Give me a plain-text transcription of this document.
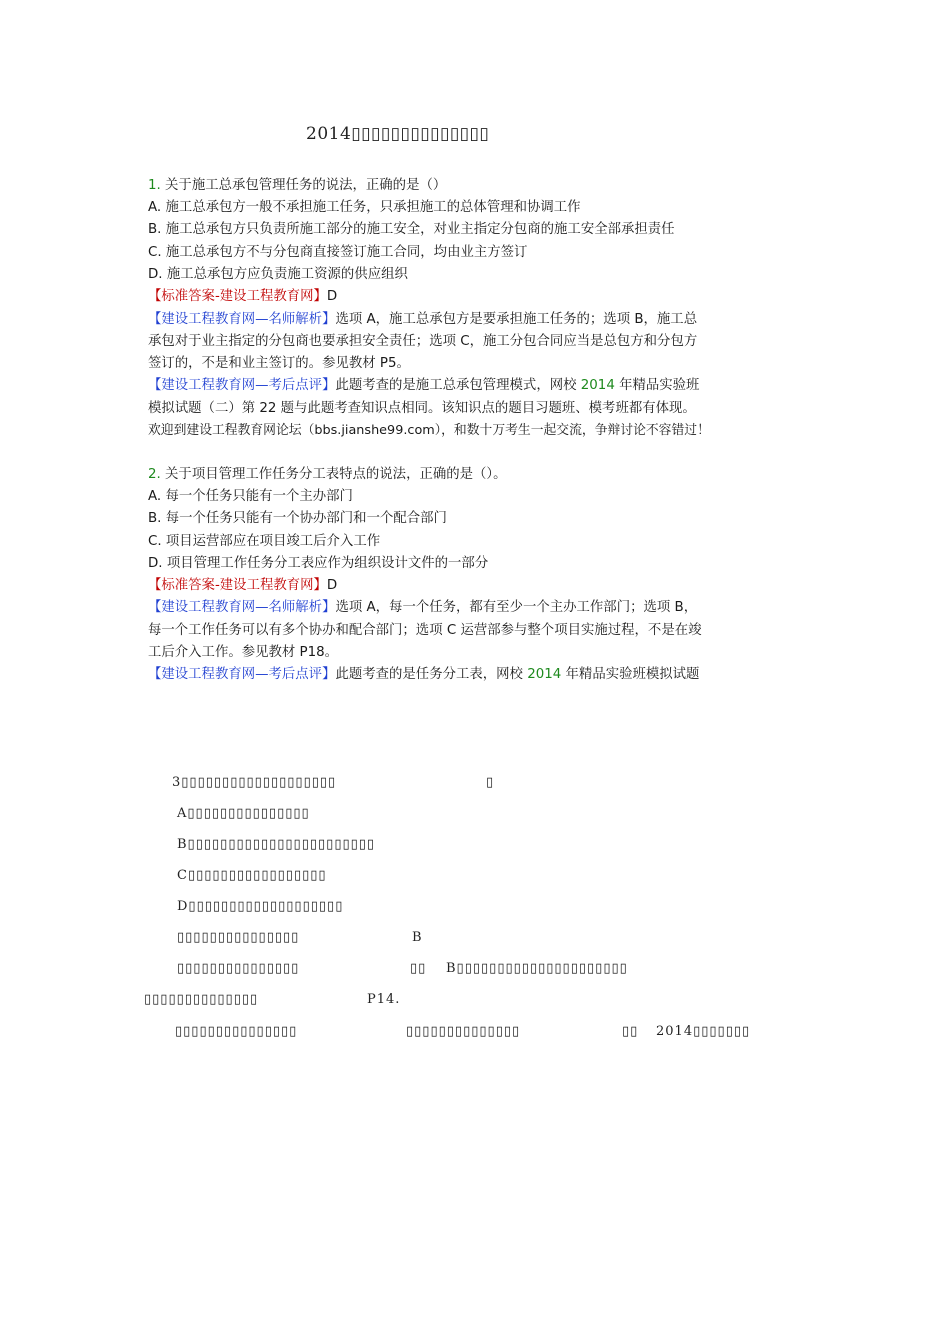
2014▯▯▯▯▯▯▯▯▯▯▯▯▯▯
1. 关于施工总承包管理任务的说法，正确的是（）
A. 施工总承包方一般不承担施工任务，只承担施工的总体管理和协调工作
B. 施工总承包方只负责所施工部分的施工安全，对业主指定分包商的施工安全部承担责任
C. 施工总承包方不与分包商直接签订施工合同，均由业主方签订
D. 施工总承包方应负责施工资源的供应组织
【标准答案-建设工程教育网】D
【建设工程教育网—名师解析】选项 A，施工总承包方是要承担施工任务的；选项 B，施工总
承包对于业主指定的分包商也要承担安全责任；选项 C，施工分包合同应当是总包方和分包方
签订的，不是和业主签订的。参见教材 P5。
【建设工程教育网—考后点评】此题考查的是施工总承包管理模式，网校 2014 年精品实验班
模拟试题（二）第 22 题与此题考查知识点相同。该知识点的题目习题班、模考班都有体现。
欢迎到建设工程教育网论坛（bbs.jianshe99.com），和数十万考生一起交流，争辩讨论不容错过！
2. 关于项目管理工作任务分工表特点的说法，正确的是（）。
A. 每一个任务只能有一个主办部门
B. 每一个任务只能有一个协办部门和一个配合部门
C. 项目运营部应在项目竣工后介入工作
D. 项目管理工作任务分工表应作为组织设计文件的一部分
【标准答案-建设工程教育网】D
【建设工程教育网—名师解析】选项 A，每一个任务，都有至少一个主办工作部门；选项 B，
每一个工作任务可以有多个协办和配合部门；选项 C 运营部参与整个项目实施过程，不是在竣
工后介入工作。参见教材 P18。
【建设工程教育网—考后点评】此题考查的是任务分工表，网校 2014 年精品实验班模拟试题
3▯▯▯▯▯▯▯▯▯▯▯▯▯▯▯▯▯▯▯	▯
A▯▯▯▯▯▯▯▯▯▯▯▯▯▯▯
B▯▯▯▯▯▯▯▯▯▯▯▯▯▯▯▯▯▯▯▯▯▯▯
C▯▯▯▯▯▯▯▯▯▯▯▯▯▯▯▯▯
D▯▯▯▯▯▯▯▯▯▯▯▯▯▯▯▯▯▯▯
▯▯▯▯▯▯▯▯▯▯▯▯▯▯▯	B
▯▯▯▯▯▯▯▯▯▯▯▯▯▯▯	▯▯ B▯▯▯▯▯▯▯▯▯▯▯▯▯▯▯▯▯▯▯▯▯
▯▯▯▯▯▯▯▯▯▯▯▯▯▯	P14.
▯▯▯▯▯▯▯▯▯▯▯▯▯▯▯	▯▯▯▯▯▯▯▯▯▯▯▯▯▯	▯▯ 2014▯▯▯▯▯▯▯
